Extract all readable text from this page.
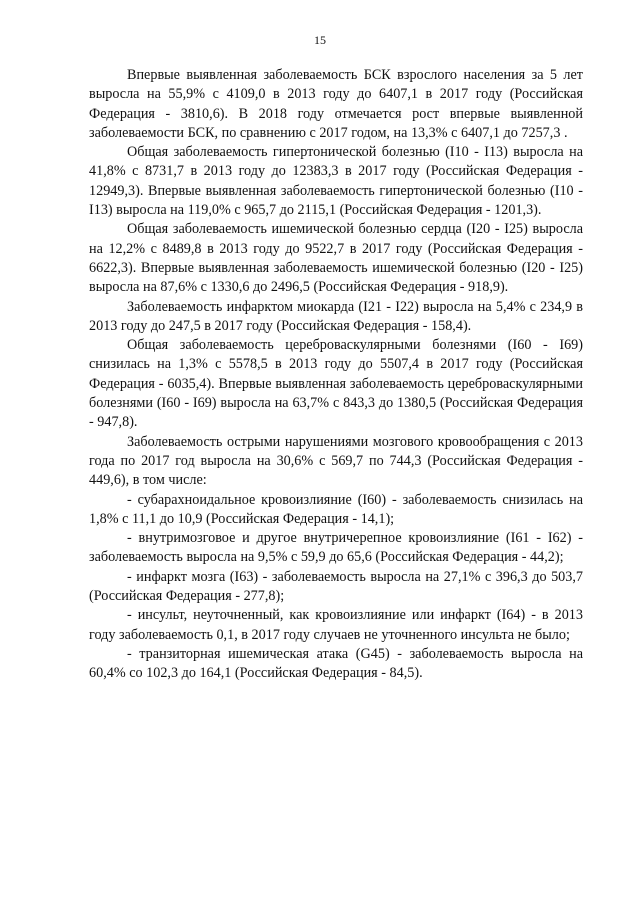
15

Впервые выявленная заболеваемость БСК взрослого населения за 5 лет выросла на 55,9% с 4109,0 в 2013 году до 6407,1 в 2017 году (Российская Федерация - 3810,6). В 2018 году отмечается рост впервые выявленной заболеваемости БСК, по сравнению с 2017 годом, на 13,3% с 6407,1 до 7257,3 .

Общая заболеваемость гипертонической болезнью (I10 - I13) выросла на 41,8% с 8731,7 в 2013 году до 12383,3 в 2017 году (Российская Федерация - 12949,3). Впервые выявленная заболеваемость гипертонической болезнью (I10 - I13) выросла на 119,0% с 965,7 до 2115,1 (Российская Федерация - 1201,3).

Общая заболеваемость ишемической болезнью сердца (I20 - I25) выросла на 12,2% с 8489,8 в 2013 году до 9522,7 в 2017 году (Российская Федерация - 6622,3). Впервые выявленная заболеваемость ишемической болезнью (I20 - I25) выросла на 87,6% с 1330,6 до 2496,5 (Российская Федерация - 918,9).

Заболеваемость инфарктом миокарда (I21 - I22) выросла на 5,4% с 234,9 в 2013 году до 247,5 в 2017 году (Российская Федерация - 158,4).

Общая заболеваемость цереброваскулярными болезнями (I60 - I69) снизилась на 1,3% с 5578,5 в 2013 году до 5507,4 в 2017 году (Российская Федерация - 6035,4). Впервые выявленная заболеваемость цереброваскулярными болезнями (I60 - I69) выросла на 63,7% с 843,3 до 1380,5 (Российская Федерация - 947,8).

Заболеваемость острыми нарушениями мозгового кровообращения с 2013 года по 2017 год выросла на 30,6% с 569,7 по 744,3 (Российская Федерация - 449,6), в том числе:

- субарахноидальное кровоизлияние (I60) - заболеваемость снизилась на 1,8% с 11,1 до 10,9 (Российская Федерация - 14,1);

- внутримозговое и другое внутричерепное кровоизлияние (I61 - I62) - заболеваемость выросла на 9,5% с 59,9 до 65,6 (Российская Федерация - 44,2);

- инфаркт мозга (I63) - заболеваемость выросла на 27,1% с 396,3 до 503,7 (Российская Федерация - 277,8);

- инсульт, неуточненный, как кровоизлияние или инфаркт (I64) - в 2013 году заболеваемость 0,1, в 2017 году случаев не уточненного инсульта не было;

- транзиторная ишемическая атака (G45) - заболеваемость выросла на 60,4% со 102,3 до 164,1 (Российская Федерация - 84,5).
